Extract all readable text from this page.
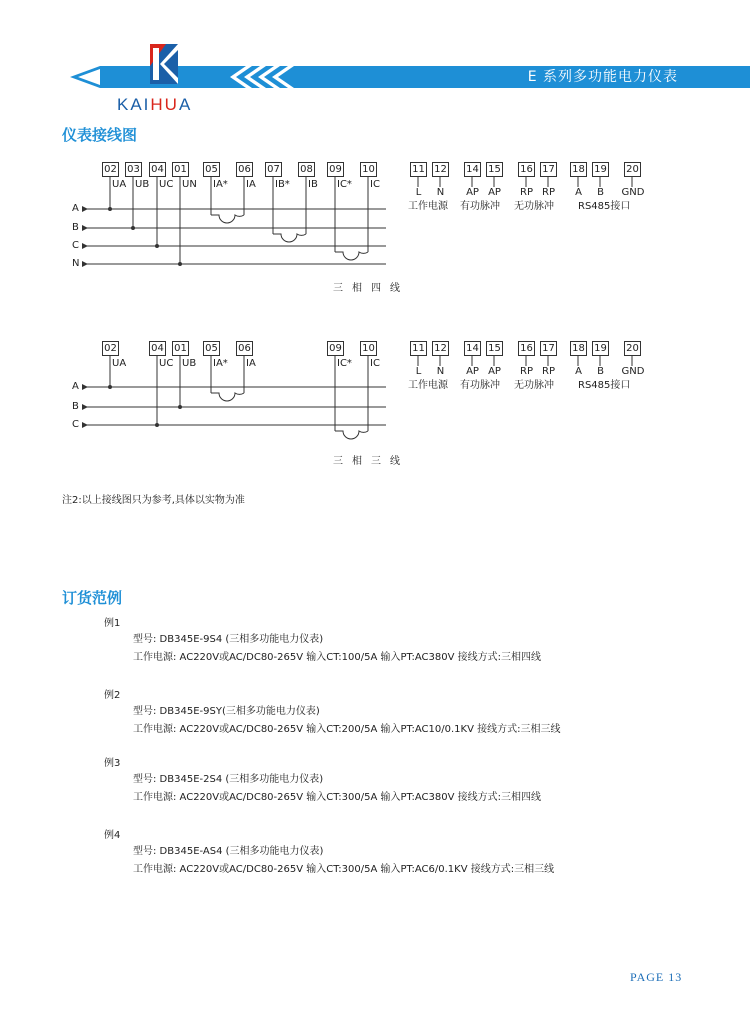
KAIHUA
E 系列多功能电力仪表
仪表接线图
02 03 04 01 05 06 07 08 09 10
UA UB UC UN IA* IA IB* IB IC* IC
A
B
C
N
三相四线
11 12 14 15 16 17 18 19 20
L	N	AP AP	RP RP	A	B	GND
工作电源 有功脉冲 无功脉冲 RS485接口
02	04 01 05 06	09 10
UA	UC UB IA* IA	IC* IC
A
B
C
三相三线
11 12 14 15 16 17 18 19 20
L	N	AP AP	RP RP	A	B	GND
工作电源 有功脉冲 无功脉冲 RS485接口
注2:以上接线图只为参考,具体以实物为准
订货范例
例1
型号: DB345E-9S4 (三相多功能电力仪表)
工作电源: AC220V或AC/DC80-265V 输入CT:100/5A 输入PT:AC380V 接线方式:三相四线
例2
型号: DB345E-9SY(三相多功能电力仪表)
工作电源: AC220V或AC/DC80-265V 输入CT:200/5A 输入PT:AC10/0.1KV 接线方式:三相三线
例3
型号: DB345E-2S4 (三相多功能电力仪表)
工作电源: AC220V或AC/DC80-265V 输入CT:300/5A 输入PT:AC380V 接线方式:三相四线
例4
型号: DB345E-AS4 (三相多功能电力仪表)
工作电源: AC220V或AC/DC80-265V 输入CT:300/5A 输入PT:AC6/0.1KV 接线方式:三相三线
PAGE 13
